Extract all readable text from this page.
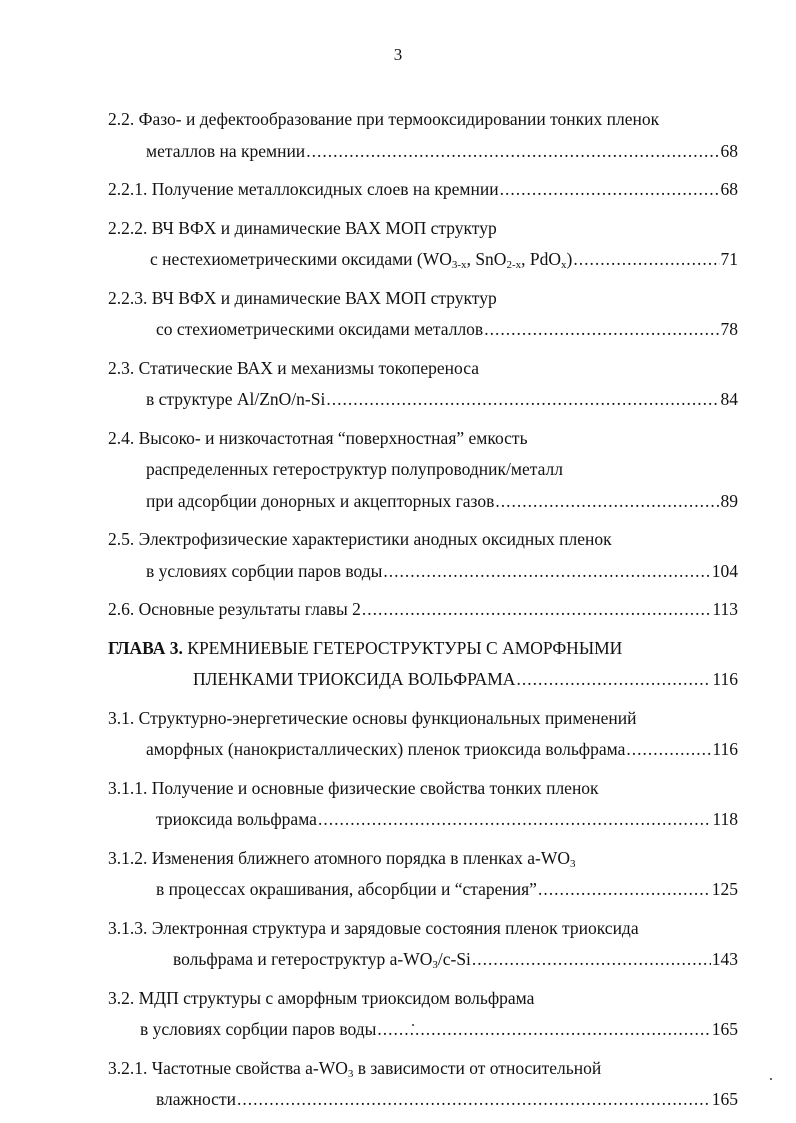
3
2.2. Фазо- и дефектообразование при термооксидировании тонких пленок
металлов на кремнии .....	68
2.2.1. Получение металлоксидных слоев на кремнии .....	68
2.2.2. ВЧ ВФХ и динамические ВАХ МОП структур
с нестехиометрическими оксидами ($WO_{3-x}$, SnO$_{2-x}$, PdO$_x$) .....	71
2.2.3. ВЧ ВФХ и динамические ВАХ МОП структур
со стехиометрическими оксидами металлов .....	78
2.3. Статические ВАХ и механизмы токопереноса
в структуре Al/ZnO/n-Si .....	84
2.4. Высоко- и низкочастотная “поверхностная” емкость
распределенных гетероструктур полупроводник/металл
при адсорбции донорных и акцепторных газов .....	89
2.5. Электрофизические характеристики анодных оксидных пленок
в условиях сорбции паров воды .....	104
2.6. Основные результаты главы 2 .....	113
ГЛАВА 3. КРЕМНИЕВЫЕ ГЕТЕРОСТРУКТУРЫ С АМОРФНЫМИ
ПЛЕНКАМИ ТРИОКСИДА ВОЛЬФРАМА .....	116
3.1. Структурно-энергетические основы функциональных применений
аморфных (нанокристаллических) пленок триоксида вольфрама .....	116
3.1.1. Получение и основные физические свойства тонких пленок
триоксида вольфрама .....	118
3.1.2. Изменения ближнего атомного порядка в пленках $a-WO_3$
в процессах окрашивания, абсорбции и “старения” .....	125
3.1.3. Электронная структура и зарядовые состояния пленок триоксида
вольфрама и гетероструктур $a-WO_3/c-Si$ .....	143
3.2. МДП структуры с аморфным триоксидом вольфрама
в условиях сорбции паров воды .....	165
3.2.1. Частотные свойства $a-WO_3$ в зависимости от относительной
влажности .....	165
